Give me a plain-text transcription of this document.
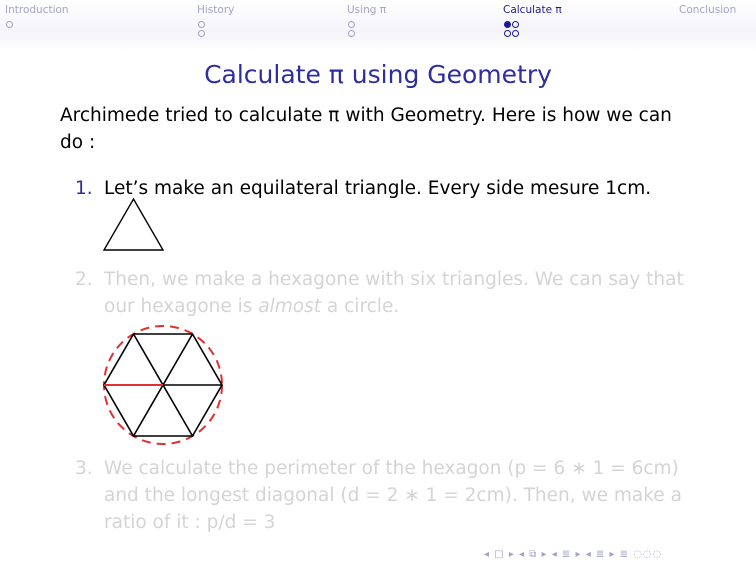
Introduction	History	Using π	Calculate π	Conclusion
Calculate π using Geometry
Archimede tried to calculate π with Geometry. Here is how we can do :
1. Let’s make an equilateral triangle. Every side mesure 1cm.
2. Then, we make a hexagone with six triangles. We can say that our hexagone is almost a circle.
3. We calculate the perimeter of the hexagon (p = 6 ∗ 1 = 6cm)
and the longest diagonal (d = 2 ∗ 1 = 2cm). Then, we make a
ratio of it : p/d = 3
◂ □ ▸ ◂ ⧉ ▸ ◂ ≣ ▸ ◂ ≣ ▸ ≣ ◌◌◌
